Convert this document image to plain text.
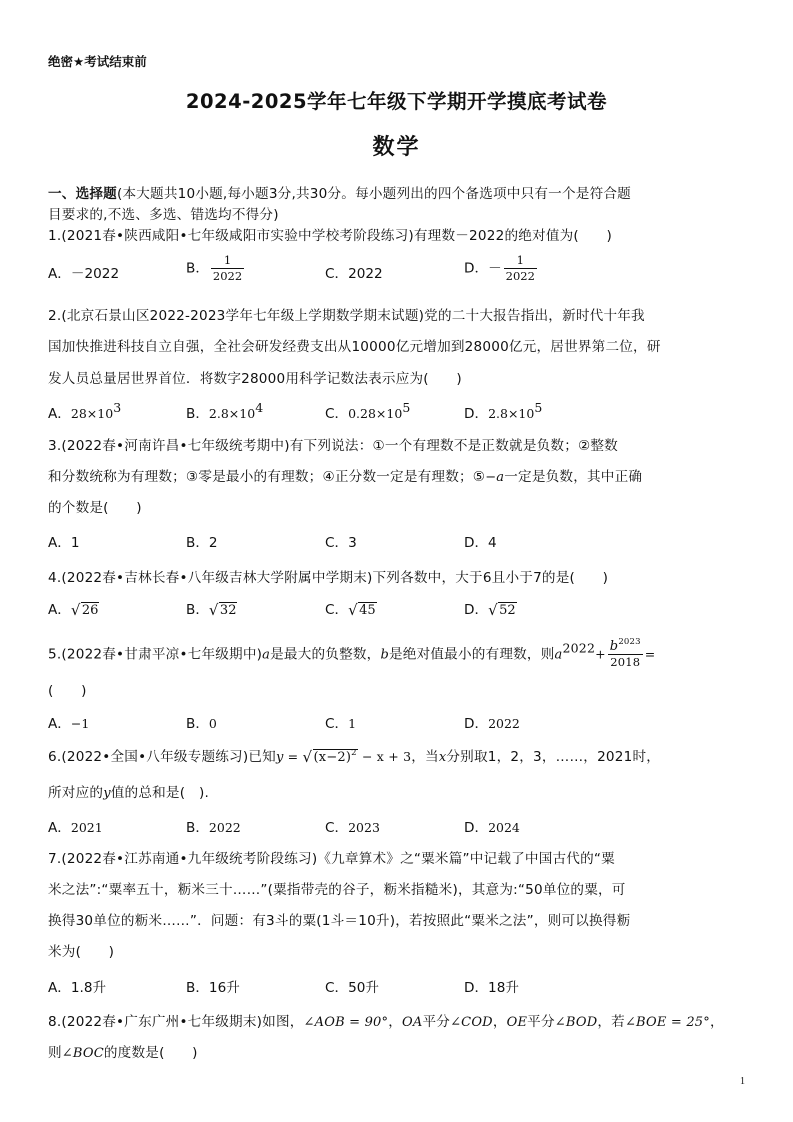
绝密★考试结束前
2024-2025学年七年级下学期开学摸底考试卷
数学
一、选择题(本大题共10小题,每小题3分,共30分。每小题列出的四个备选项中只有一个是符合题
目要求的,不选、多选、错选均不得分)
1.(2021春•陕西咸阳•七年级咸阳市实验中学校考阶段练习)有理数－2022的绝对值为(　　)
A．－2022	B． $\frac{1}{2022}$	C．2022	D．－ $\frac{1}{2022}$
2.(北京石景山区2022-2023学年七年级上学期数学期末试题)党的二十大报告指出，新时代十年我
国加快推进科技自立自强，全社会研发经费支出从10000亿元增加到28000亿元，居世界第二位，研
发人员总量居世界首位．将数字28000用科学记数法表示应为(　　)
A．$28\times 10^3$	B．$2.8\times 10^4$	C．$0.28\times 10^5$	D．$2.8\times 10^5$
3.(2022春•河南许昌•七年级统考期中)有下列说法：①一个有理数不是正数就是负数；②整数
和分数统称为有理数；③零是最小的有理数；④正分数一定是有理数；⑤−a一定是负数，其中正确
的个数是(　　)
A．1	B．2	C．3	D．4
4.(2022春•吉林长春•八年级吉林大学附属中学期末)下列各数中，大于6且小于7的是(　　)
A． √ 26	B． √ 32	C． √ 45	D． √ 52
5.(2022春•甘肃平凉•七年级期中)a是最大的负整数，b是绝对值最小的有理数，则$a^{2022}+ \frac{b^{2023}}{2018}$ =
(　　)
A．−1	B．0	C．1	D．2022
6.(2022•全国•八年级专题练习)已知y = √ $(x-2)^2 - x + 3$，当x分别取1，2，3，……，2021时，
所对应的y值的总和是(　).
A．2021	B．2022	C．2023	D．2024
7.(2022春•江苏南通•九年级统考阶段练习)《九章算术》之“粟米篇”中记载了中国古代的“粟
米之法”:“粟率五十，粝米三十……”(粟指带壳的谷子，粝米指糙米)，其意为:“50单位的粟，可
换得30单位的粝米……”．问题：有3斗的粟(1斗＝10升)，若按照此“粟米之法”，则可以换得粝
米为(　　)
A．1.8升	B．16升	C．50升	D．18升
8.(2022春•广东广州•七年级期末)如图，∠AOB = 90°，OA平分∠COD，OE平分∠BOD，若∠BOE = 25°，
则∠BOC的度数是(　　)
1
